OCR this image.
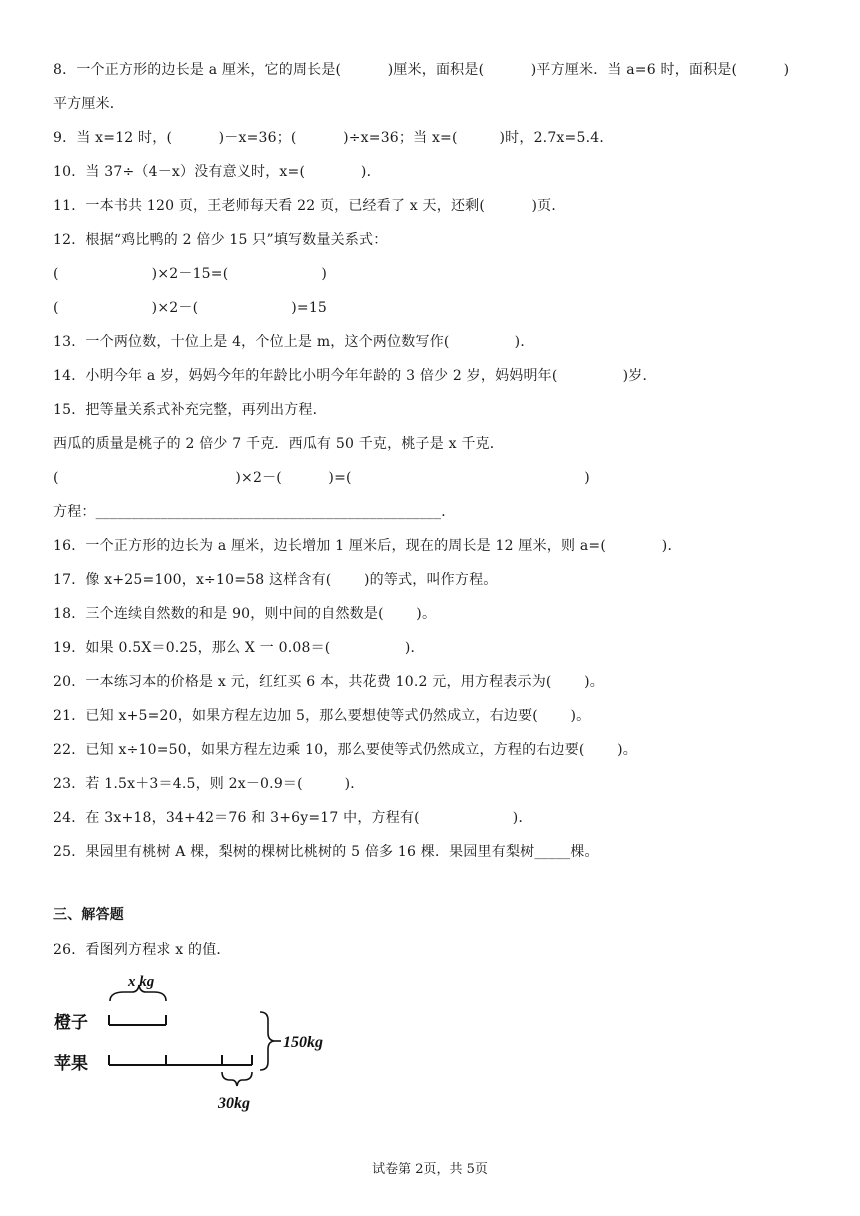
8．一个正方形的边长是 a 厘米，它的周长是(          )厘米，面积是(          )平方厘米．当 a=6 时，面积是(          )
平方厘米．
9．当 x=12 时，(          )－x=36；(          )÷x=36；当 x=(         )时，2.7x=5.4．
10．当 37÷（4－x）没有意义时，x=(            )．
11．一本书共 120 页，王老师每天看 22 页，已经看了 x 天，还剩(          )页．
12．根据“鸡比鸭的 2 倍少 15 只”填写数量关系式：
(                    )×2－15=(                    )
(                    )×2－(                    )=15
13．一个两位数，十位上是 4，个位上是 m，这个两位数写作(              )．
14．小明今年 a 岁，妈妈今年的年龄比小明今年年龄的 3 倍少 2 岁，妈妈明年(              )岁．
15．把等量关系式补充完整，再列出方程．
西瓜的质量是桃子的 2 倍少 7 千克．西瓜有 50 千克，桃子是 x 千克．
(                                      )×2－(          )=(                                                  )
方程：________________________________________________．
16．一个正方形的边长为 a 厘米，边长增加 1 厘米后，现在的周长是 12 厘米，则 a=(            )．
17．像 x+25=100，x÷10=58 这样含有(       )的等式，叫作方程。
18．三个连续自然数的和是 90，则中间的自然数是(       )。
19．如果 0.5X＝0.25，那么 X 一 0.08＝(                )．
20．一本练习本的价格是 x 元，红红买 6 本，共花费 10.2 元，用方程表示为(       )。
21．已知 x+5=20，如果方程左边加 5，那么要想使等式仍然成立，右边要(       )。
22．已知 x÷10=50，如果方程左边乘 10，那么要使等式仍然成立，方程的右边要(       )。
23．若 1.5x＋3＝4.5，则 2x－0.9＝(         )．
24．在 3x+18，34+42＝76 和 3+6y=17 中，方程有(                    )．
25．果园里有桃树 A 棵，梨树的棵树比桃树的 5 倍多 16 棵．果园里有梨树_____棵。
三、解答题
26．看图列方程求 x 的值．
x kg
橙子
苹果
150kg
30kg
试卷第 2页，共 5页
